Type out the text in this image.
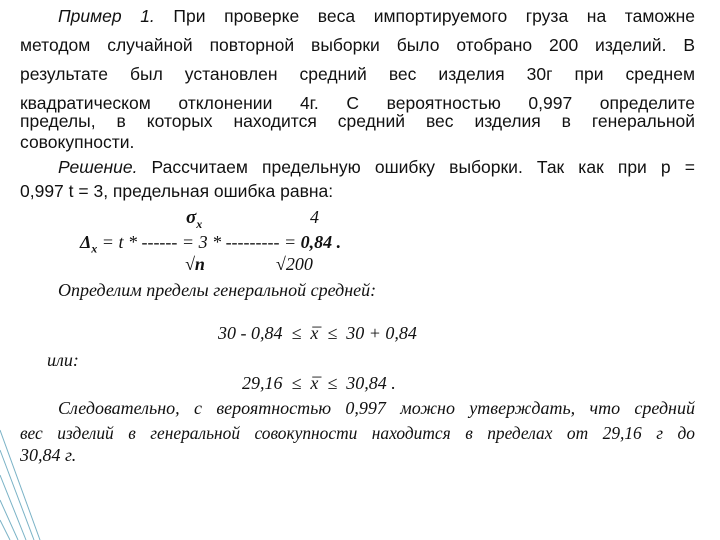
Пример 1. При проверке веса импортируемого груза на таможне
методом случайной повторной выборки было отобрано 200 изделий. В
результате был установлен средний вес изделия 30г при среднем
квадратическом отклонении 4г. С вероятностью 0,997 определите
пределы, в которых находится средний вес изделия в генеральной
совокупности.
Решение. Рассчитаем предельную ошибку выборки. Так как при р =
0,997 t = 3, предельная ошибка равна:
$\sigma_x$	4
$\Delta_x = t$ * ------ = 3 * --------- = 0,84 .
√n	√200
Определим пределы генеральной средней:
30 - 0,84 ≤ _ x ≤ 30 + 0,84
или:
29,16 ≤ _ x ≤ 30,84 .
Следовательно, с вероятностью 0,997 можно утверждать, что средний
вес изделий в генеральной совокупности находится в пределах от 29,16 г до
30,84 г.
